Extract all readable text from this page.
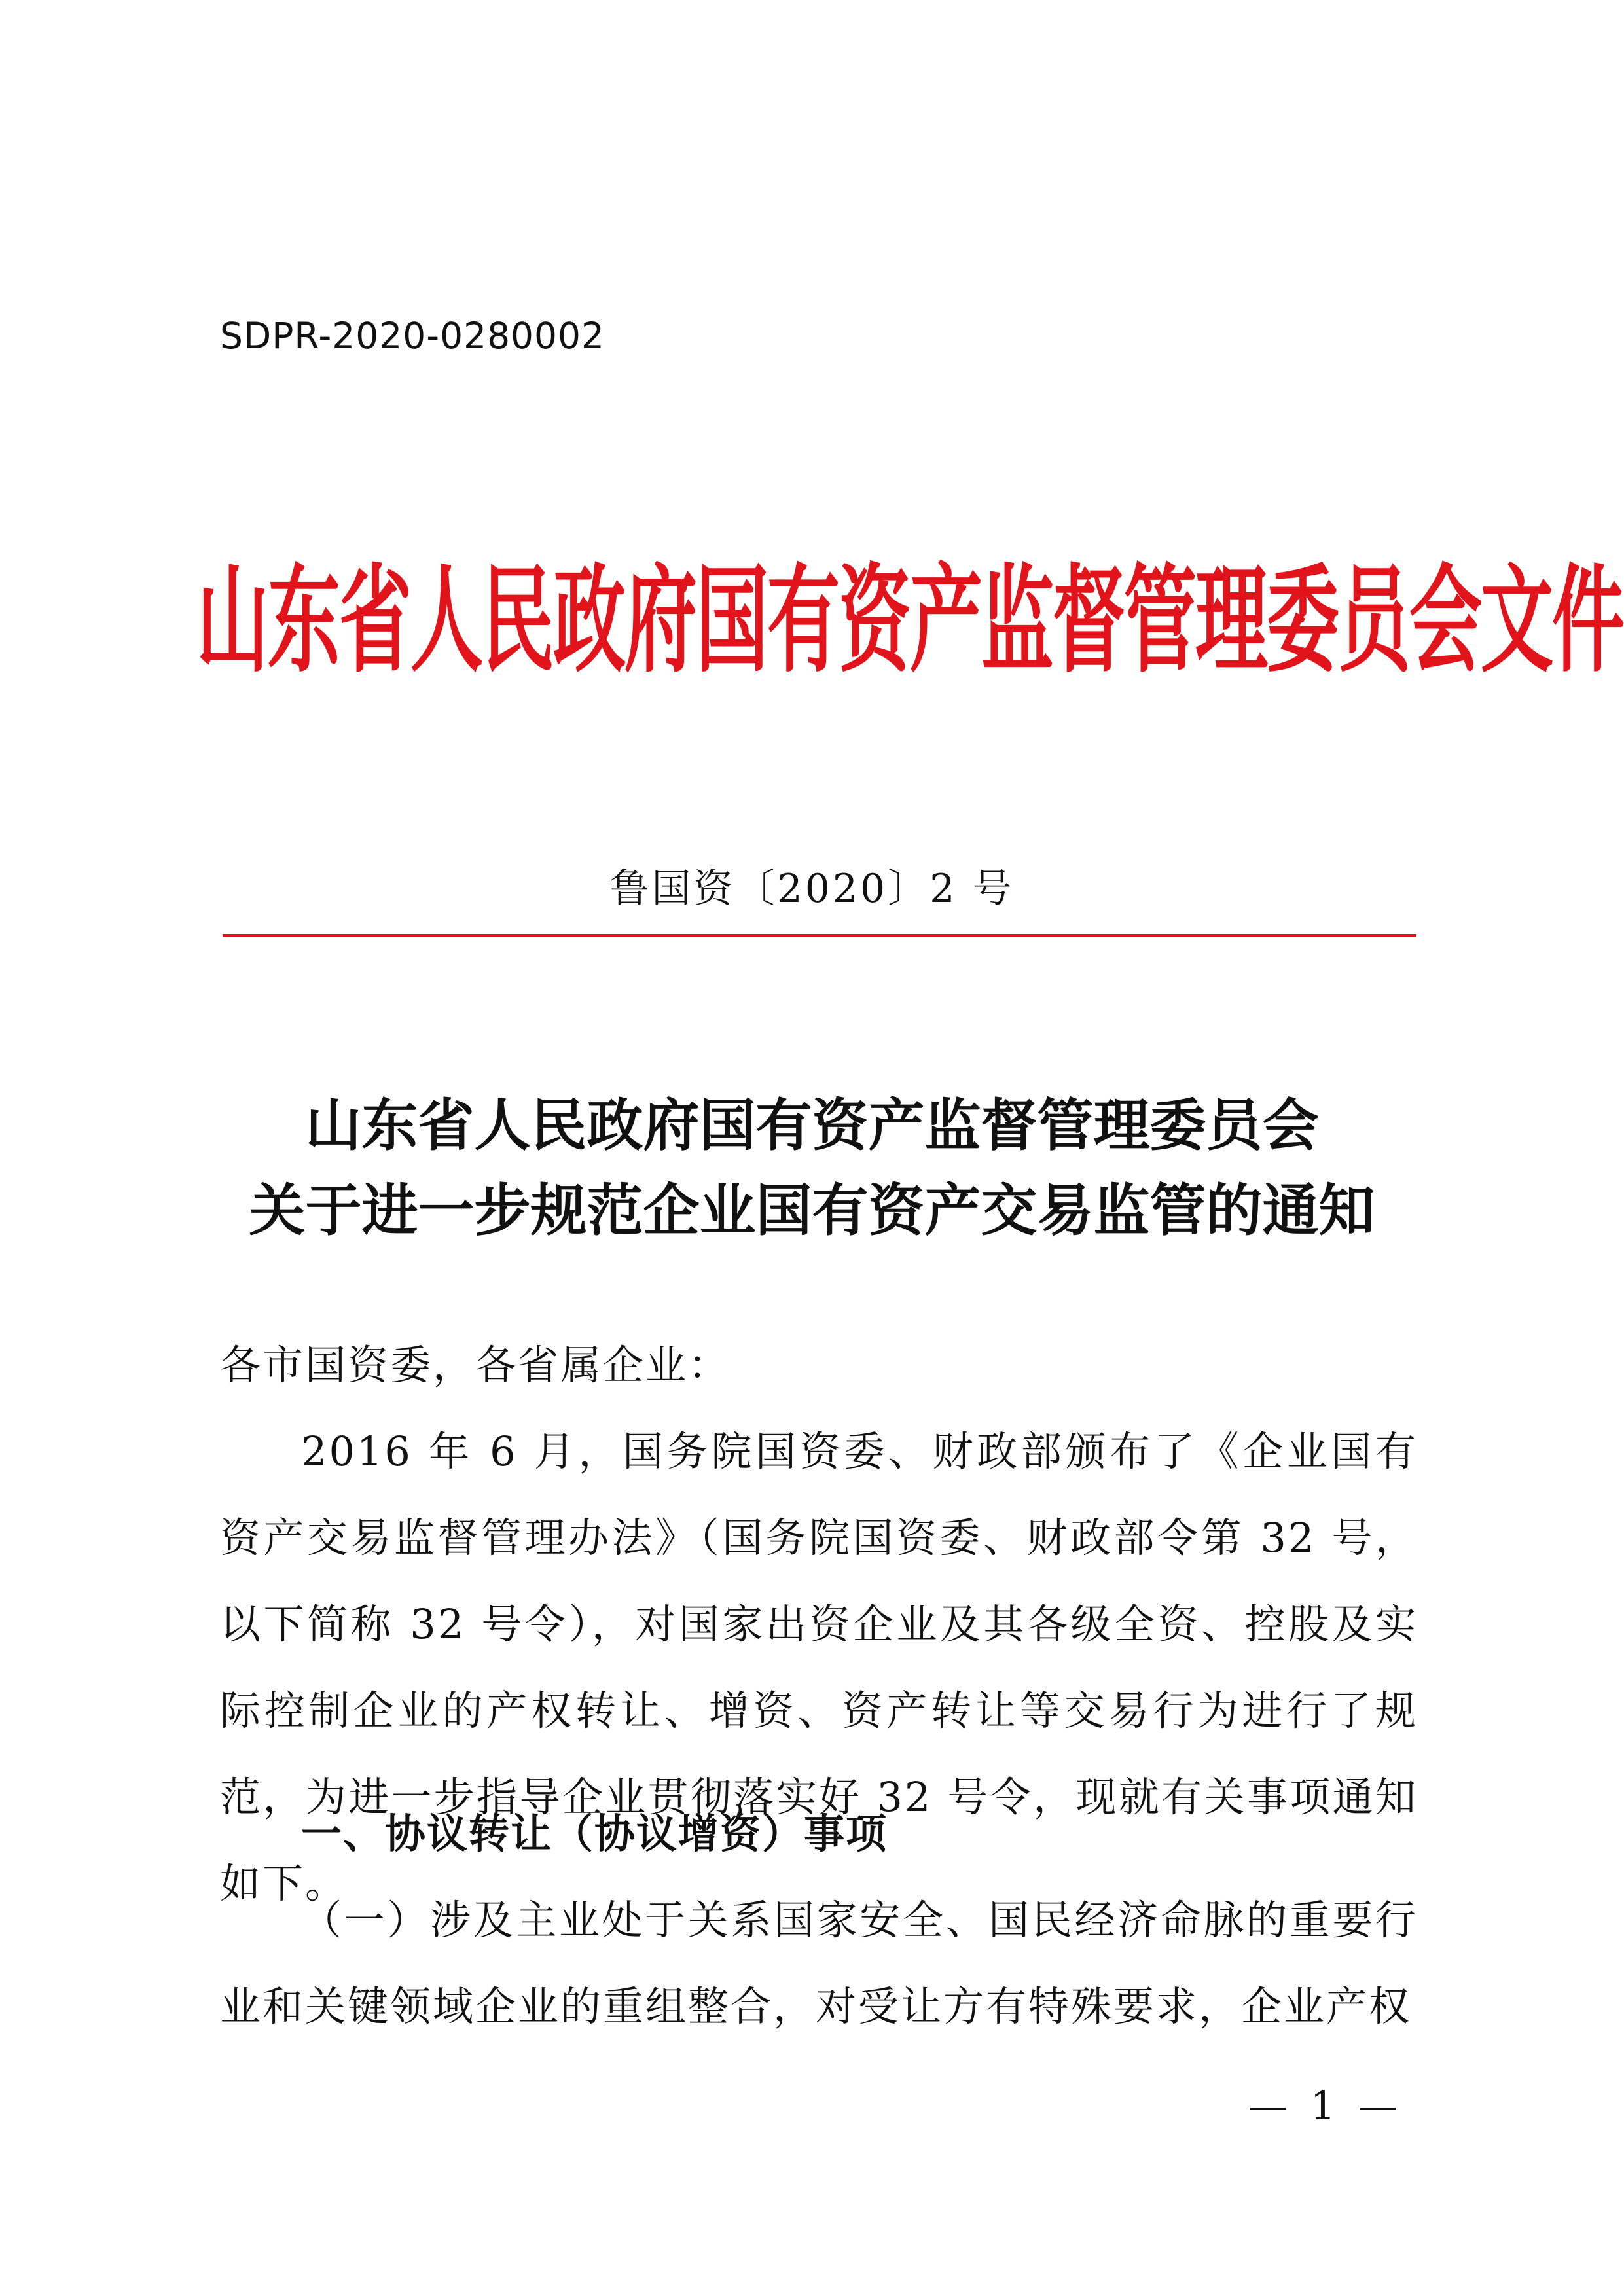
SDPR-2020-0280002
山东省人民政府国有资产监督管理委员会文件
鲁国资〔2020〕2 号
山东省人民政府国有资产监督管理委员会
关于进一步规范企业国有资产交易监管的通知
各市国资委，各省属企业：
2016 年 6 月，国务院国资委、财政部颁布了《企业国有资产交易监督管理办法》（国务院国资委、财政部令第 32 号，以下简称 32 号令），对国家出资企业及其各级全资、控股及实际控制企业的产权转让、增资、资产转让等交易行为进行了规范，为进一步指导企业贯彻落实好 32 号令，现就有关事项通知如下。
一、协议转让（协议增资）事项
（一）涉及主业处于关系国家安全、国民经济命脉的重要行业和关键领域企业的重组整合，对受让方有特殊要求，企业产权
— 1 —
